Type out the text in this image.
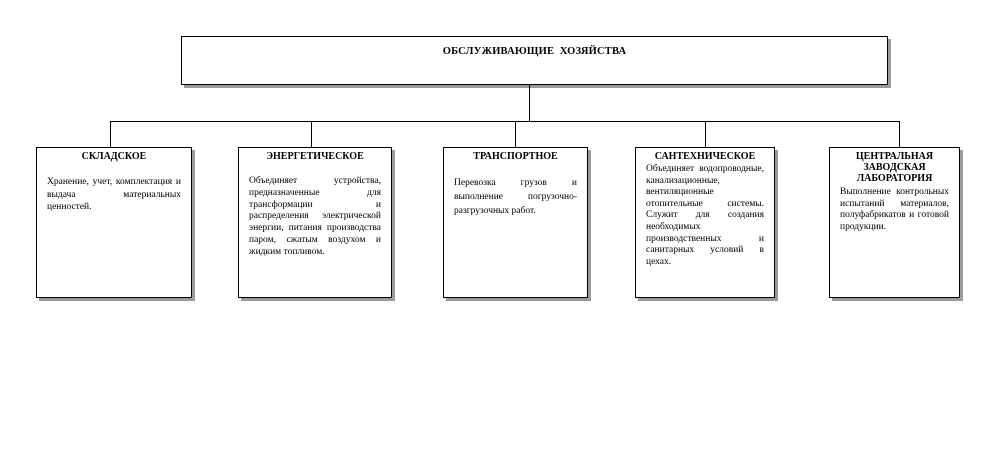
ОБСЛУЖИВАЮЩИЕ  ХОЗЯЙСТВА
СКЛАДСКОЕ
Хранение, учет, комплектация и выдача материальных ценностей.
ЭНЕРГЕТИЧЕСКОЕ
Объединяет устройства, предназначенные для трансформации и распределения электрической энергии, питания производства паром, сжатым воздухом и жидким топливом.
ТРАНСПОРТНОЕ
Перевозка грузов и выполнение погрузочно-разгрузочных работ.
САНТЕХНИЧЕСКОЕ
Объединяет водопроводные, канализационные, вентиляционные отопительные системы. Служит для создания необходимых производственных и санитарных условий в цехах.
ЦЕНТРАЛЬНАЯ ЗАВОДСКАЯ ЛАБОРАТОРИЯ
Выполнение контрольных испытаний материалов, полуфабрикатов и готовой продукции.
